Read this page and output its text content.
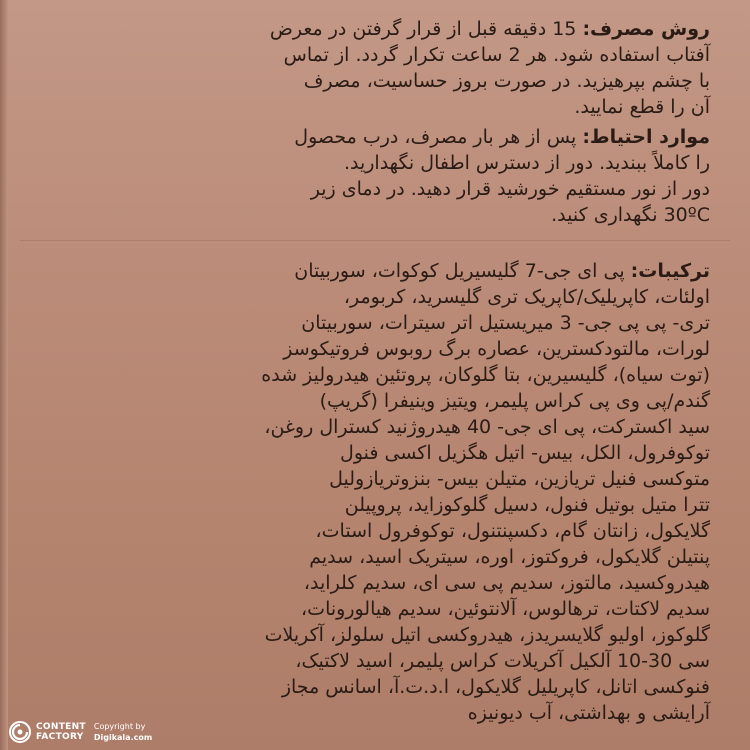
روش مصرف: 15 دقیقه قبل از قرار گرفتن در معرض
آفتاب استفاده شود. هر 2 ساعت تکرار گردد. از تماس
با چشم بپرهیزید. در صورت بروز حساسیت، مصرف
آن را قطع نمایید.
موارد احتیاط: پس از هر بار مصرف، درب محصول
را کاملاً ببندید. دور از دسترس اطفال نگهدارید.
دور از نور مستقیم خورشید قرار دهید. در دمای زیر
30ºC نگهداری کنید.
ترکیبات: پی ای جی-7 گلیسیریل کوکوات، سوربیتان
اولئات، کاپریلیک/کاپریک تری گلیسرید، کربومر،
تری- پی پی جی- 3 میریستیل اتر سیترات، سوربیتان
لورات، مالتودکسترین، عصاره برگ روبوس فروتیکوسز
(توت سیاه)، گلیسیرین، بتا گلوکان، پروتئین هیدرولیز شده
گندم/پی وی پی کراس پلیمر، ویتیز وینیفرا (گریپ)
سید اکسترکت، پی ای جی- 40 هیدروژنید کسترال روغن،
توکوفرول، الکل، بیس- اتیل هگزیل اکسی فنول
متوکسی فنیل تریازین، متیلن بیس- بنزوتریازولیل
تترا متیل بوتیل فنول، دسیل گلوکوزاید، پروپیلن
گلایکول، زانتان گام، دکسپنتنول، توکوفرول استات،
پنتیلن گلایکول، فروکتوز، اوره، سیتریک اسید، سدیم
هیدروکسید، مالتوز، سدیم پی سی ای، سدیم کلراید،
سدیم لاکتات، ترهالوس، آلانتوئین، سدیم هیالورونات،
گلوکوز، اولیو گلایسریدز، هیدروکسی اتیل سلولز، آکریلات
سی 30-10 آلکیل آکریلات کراس پلیمر، اسید لاکتیک،
فنوکسی اتانل، کاپریلیل گلایکول، ا.د.ت.آ، اسانس مجاز
آرایشی و بهداشتی، آب دیونیزه
CONTENT
FACTORY
Copyright by
Digikala.com
